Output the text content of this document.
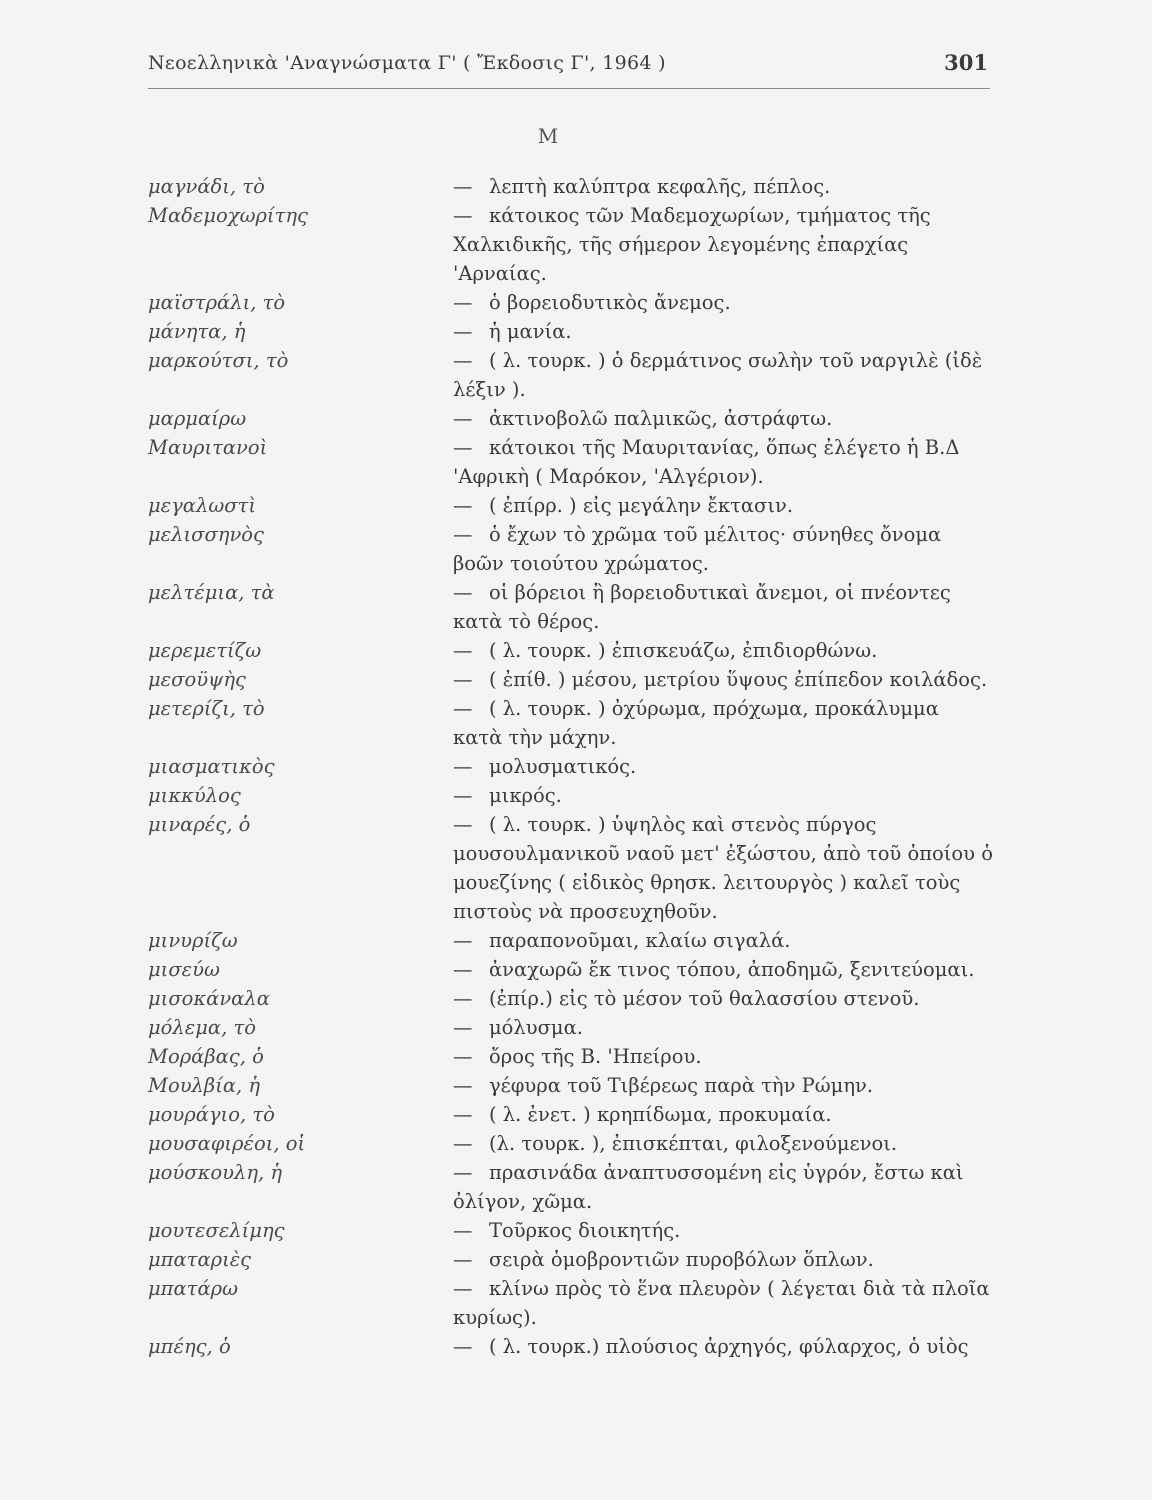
Νεοελληνικὰ 'Αναγνώσματα Γ' ( Ἔκδοσις Γ', 1964 )	301
Μ
μαγνάδι, τὸ	— λεπτὴ καλύπτρα κεφαλῆς, πέπλος.
Μαδεμοχωρίτης	— κάτοικος τῶν Μαδεμοχωρίων, τμήματος τῆς Χαλκιδικῆς, τῆς σήμερον λεγομένης ἐπαρχίας 'Αρναίας.
μαϊστράλι, τὸ	— ὁ βορειοδυτικὸς ἄνεμος.
μάνητα, ἡ	— ἡ μανία.
μαρκούτσι, τὸ	— ( λ. τουρκ. ) ὁ δερμάτινος σωλὴν τοῦ ναργιλὲ (ἰδὲ λέξιν ).
μαρμαίρω	— ἀκτινοβολῶ παλμικῶς, ἀστράφτω.
Μαυριτανοὶ	— κάτοικοι τῆς Μαυριτανίας, ὅπως ἐλέγετο ἡ Β.Δ 'Αφρικὴ ( Μαρόκον, 'Αλγέριον).
μεγαλωστὶ	— ( ἐπίρρ. ) εἰς μεγάλην ἔκτασιν.
μελισσηνὸς	— ὁ ἔχων τὸ χρῶμα τοῦ μέλιτος· σύνηθες ὄνομα βοῶν τοιούτου χρώματος.
μελτέμια, τὰ	— οἱ βόρειοι ἢ βορειοδυτικαὶ ἄνεμοι, οἱ πνέοντες κατὰ τὸ θέρος.
μερεμετίζω	— ( λ. τουρκ. ) ἐπισκευάζω, ἐπιδιορθώνω.
μεσοϋψὴς	— ( ἐπίθ. ) μέσου, μετρίου ὕψους ἐπίπεδον κοιλάδος.
μετερίζι, τὸ	— ( λ. τουρκ. ) ὀχύρωμα, πρόχωμα, προκάλυμμα κατὰ τὴν μάχην.
μιασματικὸς	— μολυσματικός.
μικκύλος	— μικρός.
μιναρές, ὁ	— ( λ. τουρκ. ) ὑψηλὸς καὶ στενὸς πύργος μουσουλμανικοῦ ναοῦ μετ' ἐξώστου, ἀπὸ τοῦ ὁποίου ὁ μουεζίνης ( εἰδικὸς θρησκ. λειτουργὸς ) καλεῖ τοὺς πιστοὺς νὰ προσευχηθοῦν.
μινυρίζω	— παραπονοῦμαι, κλαίω σιγαλά.
μισεύω	— ἀναχωρῶ ἔκ τινος τόπου, ἀποδημῶ, ξενιτεύομαι.
μισοκάναλα	— (ἐπίρ.) εἰς τὸ μέσον τοῦ θαλασσίου στενοῦ.
μόλεμα, τὸ	— μόλυσμα.
Μοράβας, ὁ	— ὄρος τῆς Β. 'Ηπείρου.
Μουλβία, ἡ	— γέφυρα τοῦ Τιβέρεως παρὰ τὴν Ρώμην.
μουράγιο, τὸ	— ( λ. ἐνετ. ) κρηπίδωμα, προκυμαία.
μουσαφιρέοι, οἱ	— (λ. τουρκ. ), ἐπισκέπται, φιλοξενούμενοι.
μούσκουλη, ἡ	— πρασινάδα ἀναπτυσσομένη εἰς ὑγρόν, ἔστω καὶ ὀλίγον, χῶμα.
μουτεσελίμης	— Τοῦρκος διοικητής.
μπαταριὲς	— σειρὰ ὁμοβροντιῶν πυροβόλων ὅπλων.
μπατάρω	— κλίνω πρὸς τὸ ἕνα πλευρὸν ( λέγεται διὰ τὰ πλοῖα κυρίως).
μπέης, ὁ	— ( λ. τουρκ.) πλούσιος ἀρχηγός, φύλαρχος, ὁ υἱὸς
